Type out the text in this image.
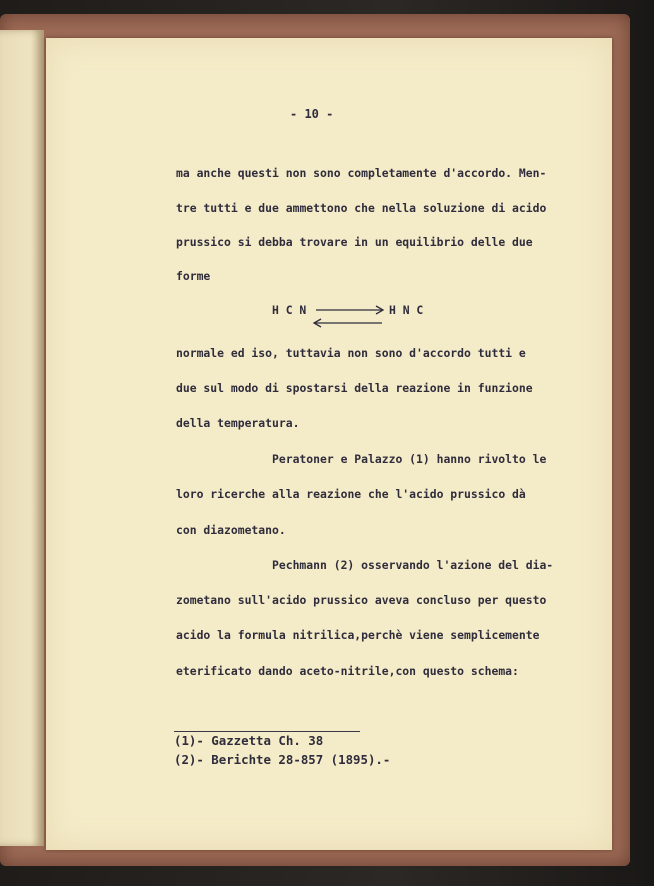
- 10 -

ma anche questi non sono completamente d'accordo. Men-

tre tutti e due ammettono che nella soluzione di acido

prussico si debba trovare in un equilibrio delle due

forme

H C N	H N C

normale ed iso, tuttavia non sono d'accordo tutti e

due sul modo di spostarsi della reazione in funzione

della temperatura.

Peratoner e Palazzo (1) hanno rivolto le

loro ricerche alla reazione che l'acido prussico dà

con diazometano.

Pechmann (2) osservando l'azione del dia-

zometano sull'acido prussico aveva concluso per questo

acido la formula nitrilica,perchè viene semplicemente

eterificato dando aceto-nitrile,con questo schema:

(1)- Gazzetta Ch. 38

(2)- Berichte 28-857 (1895).-
